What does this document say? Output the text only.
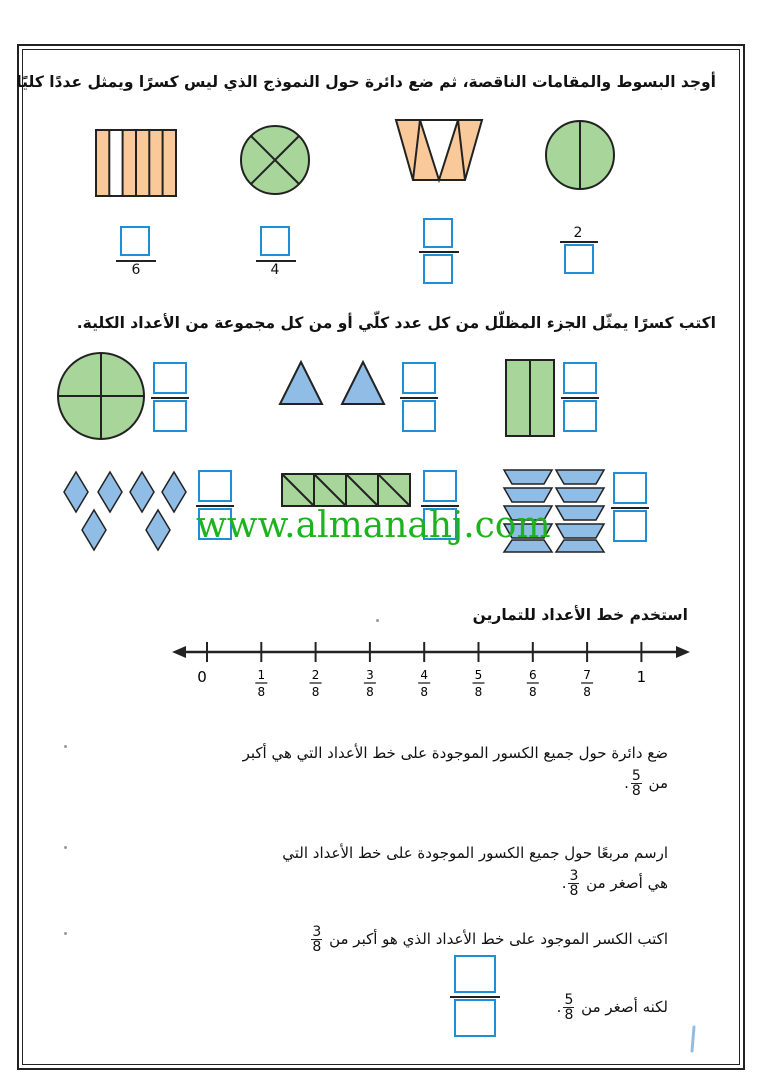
أوجد البسوط والمقامات الناقصة، ثم ضع دائرة حول النموذج الذي ليس كسرًا ويمثل عددًا كليًا
6	4
2
اكتب كسرًا يمثّل الجزء المظلّل من كل عدد كلّي أو من كل مجموعة من الأعداد الكلية.
www.almanahj.com
استخدم خط الأعداد للتمارين
0	1
8
2
8
3
8
4
8
5
8
6
8
7
8
1
ضع دائرة حول جميع الكسور الموجودة على خط الأعداد التي هي أكبر
من
$\frac{5}{8}$
.
ارسم مربعًا حول جميع الكسور الموجودة على خط الأعداد التي
هي أصغر من
$\frac{3}{8}$
.
اكتب الكسر الموجود على خط الأعداد الذي هو أكبر من
$\frac{3}{8}$
لكنه أصغر من
$\frac{5}{8}$
.
